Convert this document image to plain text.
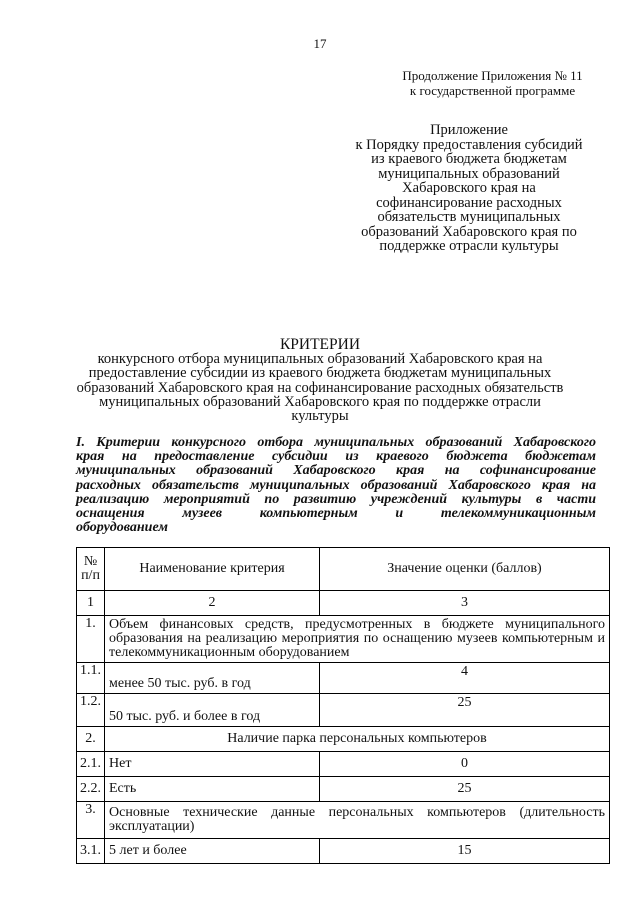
17
Продолжение Приложения № 11
к государственной программе
Приложение
к Порядку предоставления субсидий
из краевого бюджета бюджетам
муниципальных образований
Хабаровского края на
софинансирование расходных
обязательств муниципальных
образований Хабаровского края по
поддержке отрасли культуры
КРИТЕРИИ
конкурсного отбора муниципальных образований Хабаровского края на
предоставление субсидии из краевого бюджета бюджетам муниципальных
образований Хабаровского края на софинансирование расходных обязательств
муниципальных образований Хабаровского края по поддержке отрасли
культуры
I. Критерии конкурсного отбора муниципальных образований Хабаровского
края на предоставление субсидии из краевого бюджета бюджетам
муниципальных образований Хабаровского края на софинансирование
расходных обязательств муниципальных образований Хабаровского края на
реализацию мероприятий по развитию учреждений культуры в части
оснащения музеев компьютерным и телекоммуникационным
оборудованием
№ п/п	Наименование критерия	Значение оценки (баллов)
1	2	3
1.	Объем финансовых средств, предусмотренных в бюджете муниципального образования на реализацию мероприятия по оснащению музеев компьютерным и телекоммуникационным оборудованием	
1.1.	менее 50 тыс. руб. в год	4
1.2.	50 тыс. руб. и более в год	25
2.	Наличие парка персональных компьютеров	
2.1.	Нет	0
2.2.	Есть	25
3.	Основные технические данные персональных компьютеров (длительность эксплуатации)	
3.1.	5 лет и более	15
